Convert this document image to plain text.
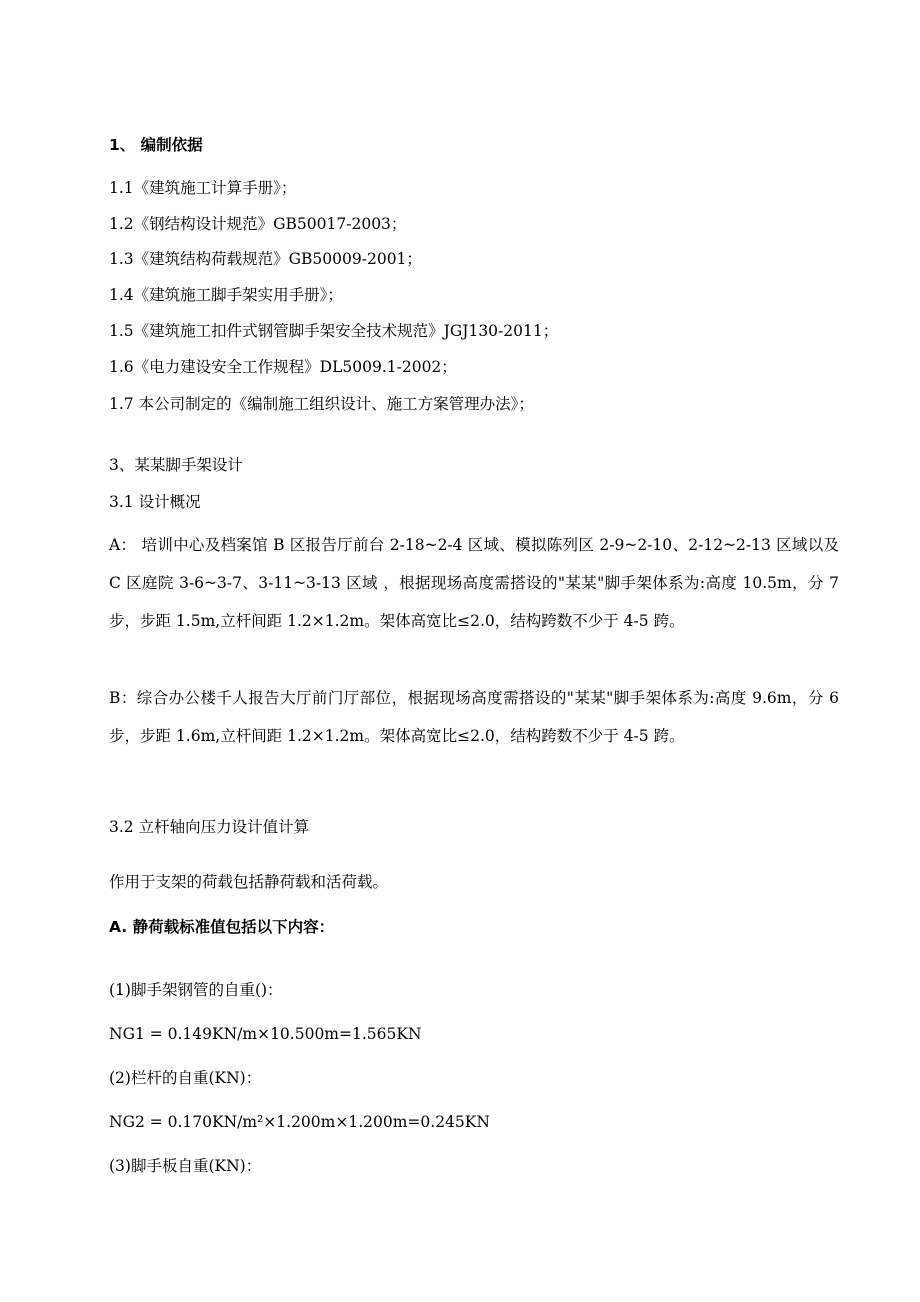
1、 编制依据
1.1《建筑施工计算手册》；
1.2《钢结构设计规范》GB50017-2003；
1.3《建筑结构荷载规范》GB50009-2001；
1.4《建筑施工脚手架实用手册》；
1.5《建筑施工扣件式钢管脚手架安全技术规范》JGJ130-2011；
1.6《电力建设安全工作规程》DL5009.1-2002；
1.7 本公司制定的《编制施工组织设计、施工方案管理办法》；
3、某某脚手架设计
3.1 设计概况
A： 培训中心及档案馆 B 区报告厅前台 2-18~2-4 区域、模拟陈列区 2-9~2-10、2-12~2-13 区域以及 C 区庭院 3-6~3-7、3-11~3-13 区域 ，根据现场高度需搭设的"某某"脚手架体系为:高度 10.5m，分 7 步，步距 1.5m,立杆间距 1.2×1.2m。架体高宽比≤2.0，结构跨数不少于 4-5 跨。
B：综合办公楼千人报告大厅前门厅部位，根据现场高度需搭设的"某某"脚手架体系为:高度 9.6m，分 6 步，步距 1.6m,立杆间距 1.2×1.2m。架体高宽比≤2.0，结构跨数不少于 4-5 跨。
3.2 立杆轴向压力设计值计算
作用于支架的荷载包括静荷载和活荷载。
A. 静荷载标准值包括以下内容：
(1)脚手架钢管的自重()：
NG1 = 0.149KN/m×10.500m=1.565KN
(2)栏杆的自重(KN)：
NG2 = 0.170KN/m²×1.200m×1.200m=0.245KN
(3)脚手板自重(KN)：
